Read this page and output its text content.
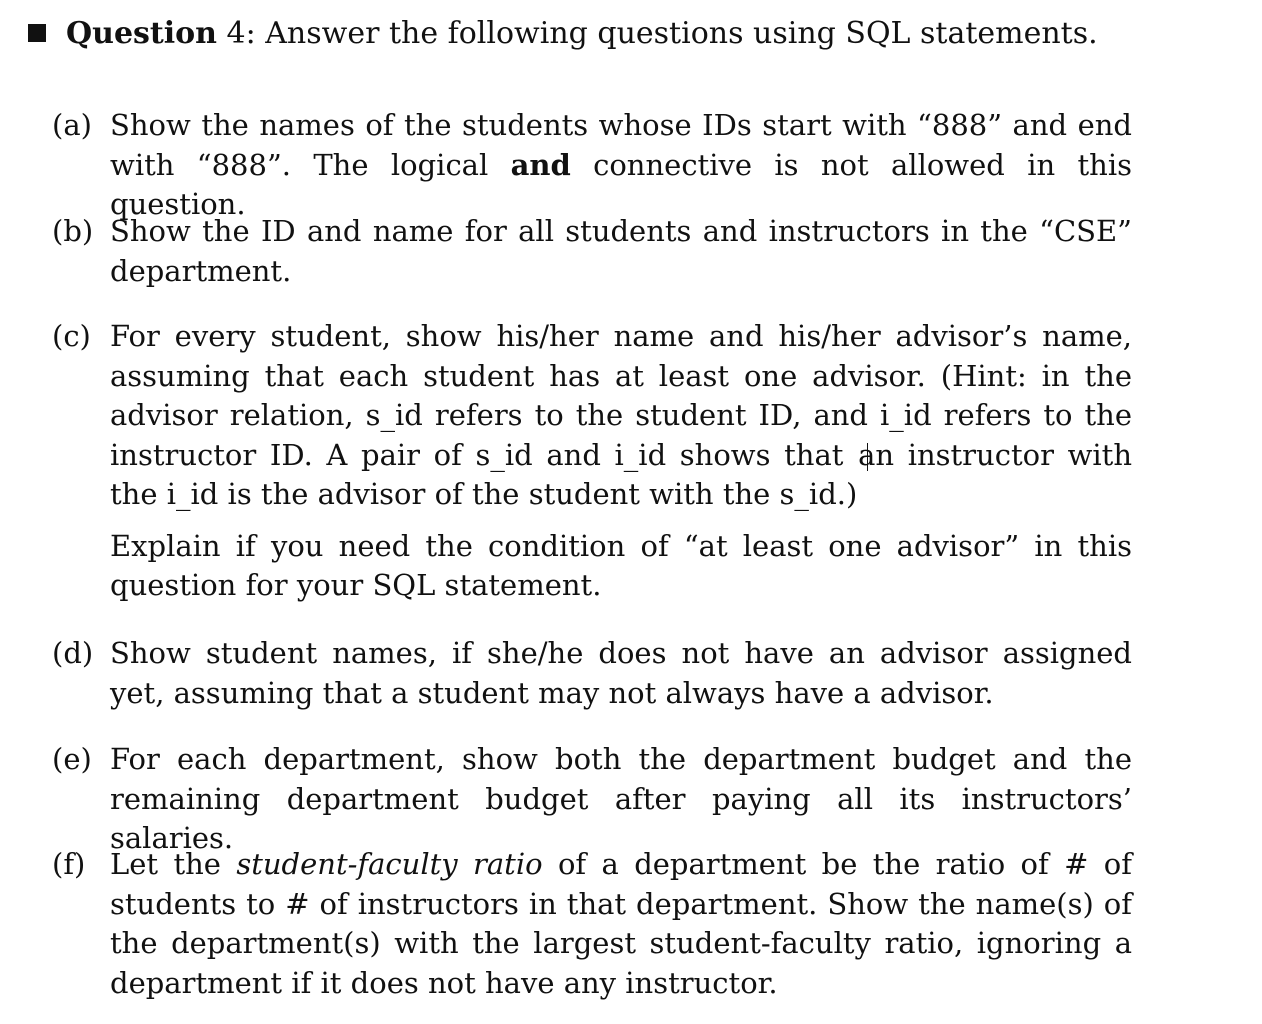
Question 4: Answer the following questions using SQL statements.
(a) Show the names of the students whose IDs start with “888” and end with “888”. The logical and connective is not allowed in this question.

(b) Show the ID and name for all students and instructors in the “CSE” department.

(c) For every student, show his/her name and his/her advisor’s name, assuming that each student has at least one advisor. (Hint: in the advisor relation, s_id refers to the student ID, and i_id refers to the instructor ID. A pair of s_id and i_id shows that an instructor with the i_id is the advisor of the student with the s_id.)

Explain if you need the condition of “at least one advisor” in this question for your SQL statement.

(d) Show student names, if she/he does not have an advisor assigned yet, assuming that a student may not always have a advisor.

(e) For each department, show both the department budget and the remaining department budget after paying all its instructors’ salaries.

(f) Let the student-faculty ratio of a department be the ratio of # of students to # of instructors in that department. Show the name(s) of the department(s) with the largest student-faculty ratio, ignoring a department if it does not have any instructor.
